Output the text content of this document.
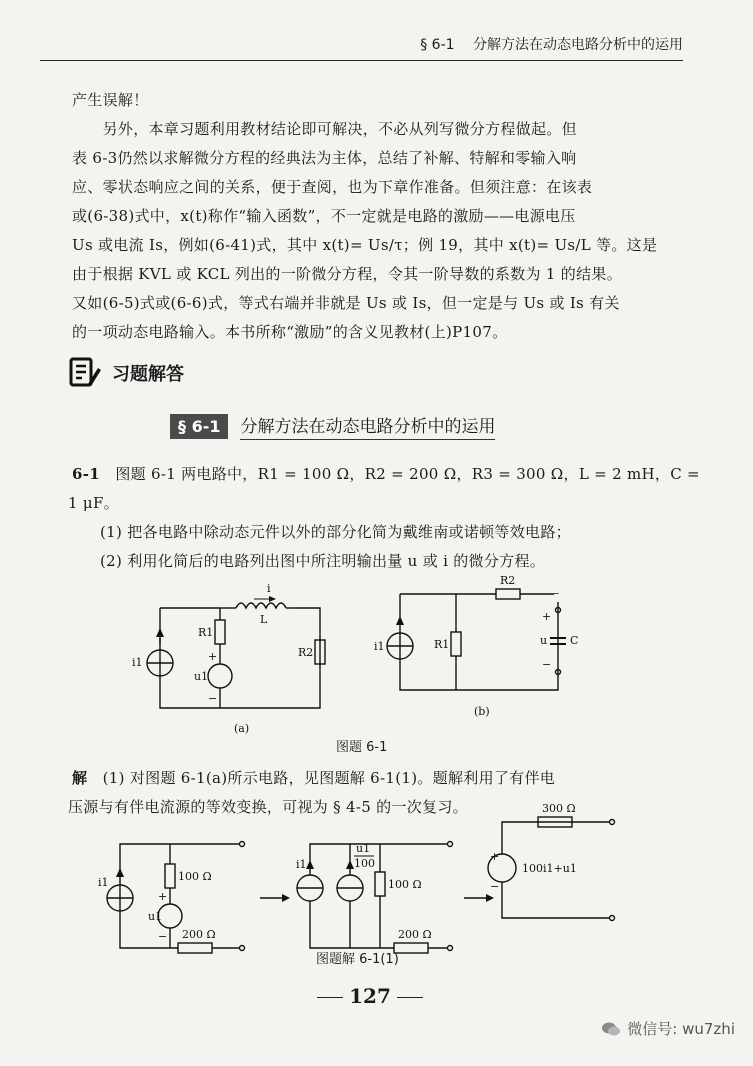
§ 6-1 分解方法在动态电路分析中的运用
产生误解！
　　另外，本章习题利用教材结论即可解决，不必从列写微分方程做起。但
表 6-3仍然以求解微分方程的经典法为主体，总结了补解、特解和零输入响
应、零状态响应之间的关系，便于查阅，也为下章作准备。但须注意：在该表
或(6-38)式中，x(t)称作“输入函数”，不一定就是电路的激励——电源电压
Us 或电流 Is，例如(6-41)式，其中 x(t)= Us/τ；例 19，其中 x(t)= Us/L 等。这是
由于根据 KVL 或 KCL 列出的一阶微分方程，令其一阶导数的系数为 1 的结果。
又如(6-5)式或(6-6)式，等式右端并非就是 Us 或 Is，但一定是与 Us 或 Is 有关
的一项动态电路输入。本书所称“激励”的含义见教材(上)P107。
习题解答
§ 6-1	分解方法在动态电路分析中的运用
6-1　 图题 6-1 两电路中，R1 = 100 Ω，R2 = 200 Ω，R3 = 300 Ω，L = 2 mH，C =
1 μF。
(1) 把各电路中除动态元件以外的部分化简为戴维南或诺顿等效电路；
(2) 利用化简后的电路列出图中所注明输出量 u 或 i 的微分方程。
i
L
R1
R2
i1
u1
+
−
(a)
R2
R1
i1
+
u C
−
(b)
图题 6-1
解　 (1) 对图题 6-1(a)所示电路，见图题解 6-1(1)。题解利用了有伴电
压源与有伴电流源的等效变换，可视为 § 4-5 的一次复习。
i1	100 Ω
u1
+
− 200 Ω
i1
u1
100
100 Ω
200 Ω
300 Ω
+
−
100i1+u1
图题解 6-1(1)
127
微信号: wu7zhi
